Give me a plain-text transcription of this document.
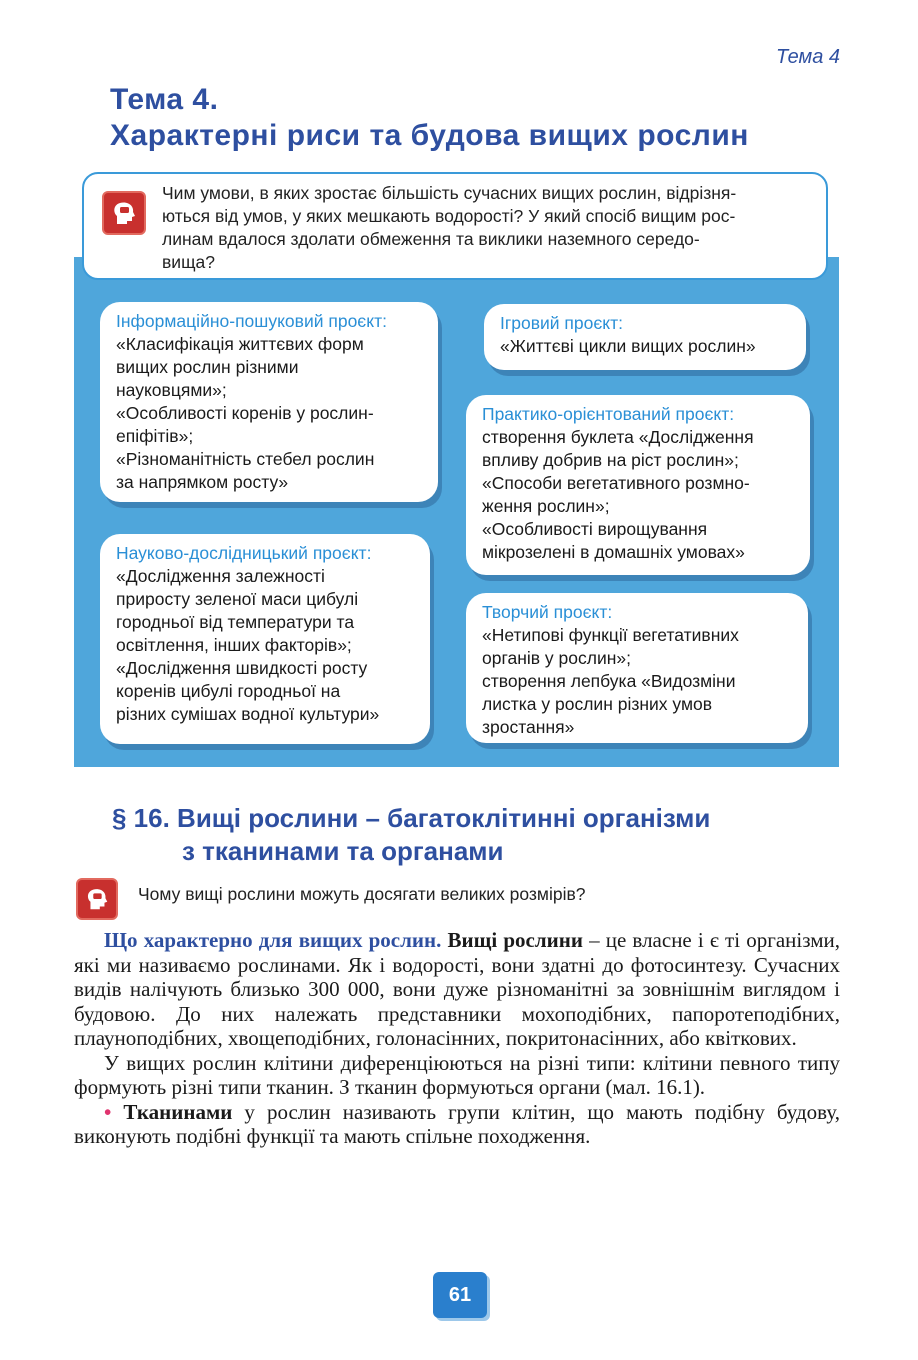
Тема 4
Тема 4.
Характерні риси та будова вищих рослин
Чим умови, в яких зростає більшість сучасних вищих рослин, відрізня-
ються від умов, у яких мешкають водорості? У який спосіб вищим рос-
линам вдалося здолати обмеження та виклики наземного середо-
вища?
Інформаційно-пошуковий проєкт:
«Класифікація життєвих форм
вищих рослин різними
науковцями»;
«Особливості коренів у рослин-
епіфітів»;
«Різноманітність стебел рослин
за напрямком росту»
Ігровий проєкт:
«Життєві цикли вищих рослин»
Практико-орієнтований проєкт:
створення буклета «Дослідження
впливу добрив на ріст рослин»;
«Способи вегетативного розмно-
ження рослин»;
«Особливості вирощування
мікрозелені в домашніх умовах»
Науково-дослідницький проєкт:
«Дослідження залежності
приросту зеленої маси цибулі
городньої від температури та
освітлення, інших факторів»;
«Дослідження швидкості росту
коренів цибулі городньої на
різних сумішах водної культури»
Творчий проєкт:
«Нетипові функції вегетативних
органів у рослин»;
створення лепбука «Видозміни
листка у рослин різних умов
зростання»
§ 16. Вищі рослини – багатоклітинні організми
з тканинами та органами
Чому вищі рослини можуть досягати великих розмірів?

Що характерно для вищих рослин. Вищі рослини – це власне і є ті організми, які ми називаємо рослинами. Як і водорості, вони здатні до фотосинтезу. Сучасних видів налічують близько 300 000, вони дуже різноманітні за зовнішнім виглядом і будовою. До них належать представники мохоподібних, папоротеподібних, плауноподібних, хвощеподібних, голонасінних, покритонасінних, або квіткових.

У вищих рослин клітини диференціюються на різні типи: клітини певного типу формують різні типи тканин. З тканин формуються органи (мал. 16.1).

• Тканинами у рослин називають групи клітин, що мають подібну будову, виконують подібні функції та мають спільне походження.

61
